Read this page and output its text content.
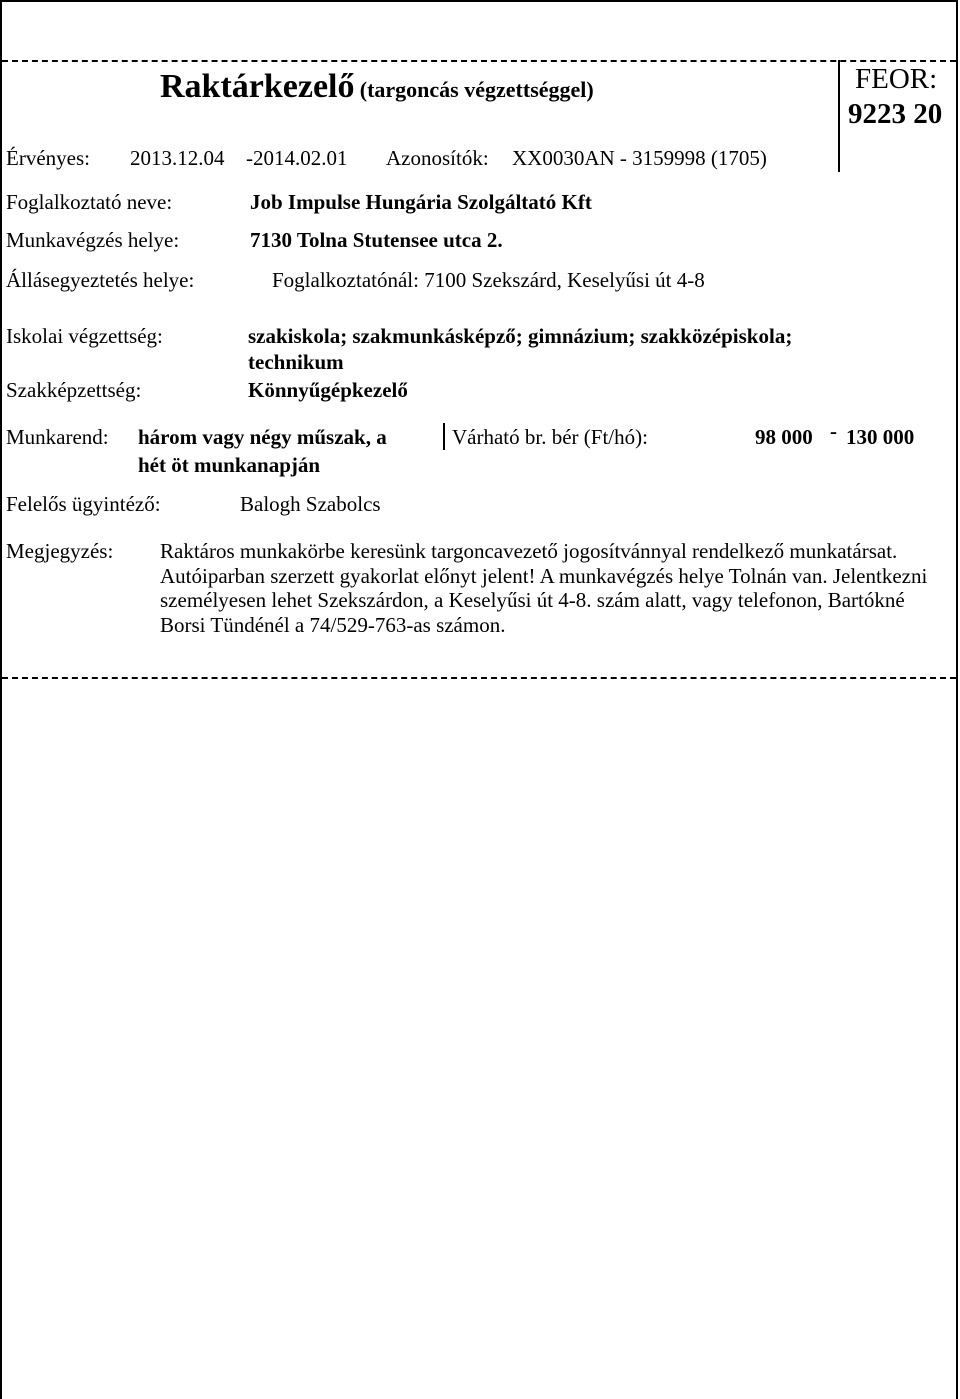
Raktárkezelő (targoncás végzettséggel)	FEOR:
9223 20
Érvényes: 2013.12.04 - 2014.02.01 Azonosítók: XX0030AN - 3159998 (1705)
Foglalkoztató neve:	Job Impulse Hungária Szolgáltató Kft
Munkavégzés helye:	7130 Tolna Stutensee utca 2.
Állásegyeztetés helye:	Foglalkoztatónál: 7100 Szekszárd, Keselyűsi út 4-8
Iskolai végzettség:	szakiskola; szakmunkásképző; gimnázium; szakközépiskola;
technikum
Szakképzettség:	Könnyűgépkezelő
Munkarend: három vagy négy műszak, a
hét öt munkanapján
Várható br. bér (Ft/hó):	98 000 - 130 000
Felelős ügyintéző:	Balogh Szabolcs
Megjegyzés: Raktáros munkakörbe keresünk targoncavezető jogosítvánnyal rendelkező munkatársat. Autóiparban szerzett gyakorlat előnyt jelent! A munkavégzés helye Tolnán van. Jelentkezni személyesen lehet Szekszárdon, a Keselyűsi út 4-8. szám alatt, vagy telefonon, Bartókné Borsi Tündénél a 74/529-763-as számon.
